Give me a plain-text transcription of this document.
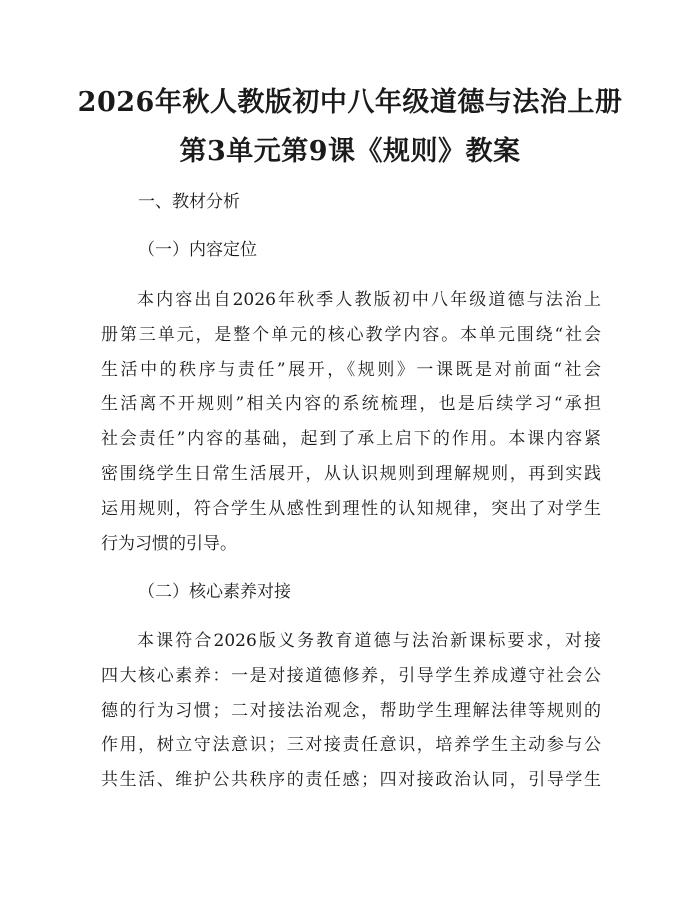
2026年秋人教版初中八年级道德与法治上册
第3单元第9课《规则》教案
一、教材分析
（一）内容定位
本内容出自2026年秋季人教版初中八年级道德与法治上
册第三单元，是整个单元的核心教学内容。本单元围绕“社会
生活中的秩序与责任”展开，《规则》一课既是对前面“社会
生活离不开规则”相关内容的系统梳理，也是后续学习“承担
社会责任”内容的基础，起到了承上启下的作用。本课内容紧
密围绕学生日常生活展开，从认识规则到理解规则，再到实践
运用规则，符合学生从感性到理性的认知规律，突出了对学生
行为习惯的引导。
（二）核心素养对接
本课符合2026版义务教育道德与法治新课标要求，对接
四大核心素养：一是对接道德修养，引导学生养成遵守社会公
德的行为习惯；二对接法治观念，帮助学生理解法律等规则的
作用，树立守法意识；三对接责任意识，培养学生主动参与公
共生活、维护公共秩序的责任感；四对接政治认同，引导学生
